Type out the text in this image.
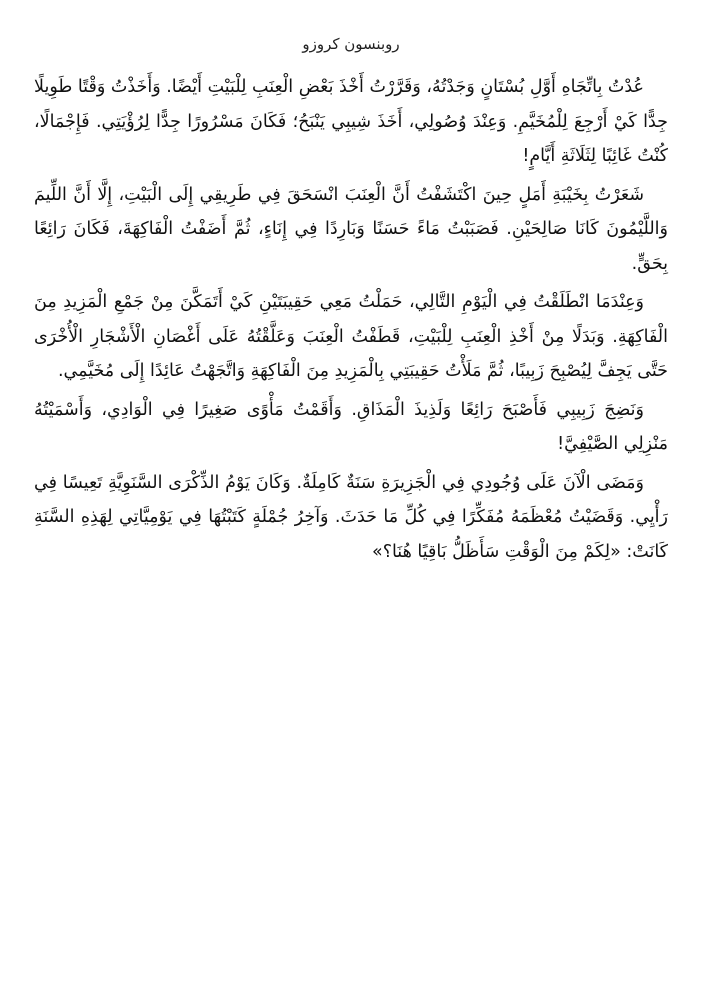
روبنسون كروزو

عُدْتُ بِاتِّجَاهِ أَوَّلِ بُسْتَانٍ وَجَدْتُهُ، وَقَرَّرْتُ أَخْذَ بَعْضِ الْعِنَبِ لِلْبَيْتِ أَيْضًا. وَأَخَذْتُ وَقْتًا طَوِيلًا جِدًّا كَيْ أَرْجِعَ لِلْمُخَيَّمِ. وَعِنْدَ وُصُولِي، أَخَذَ شِيبِي يَنْبَحُ؛ فَكَانَ مَسْرُورًا جِدًّا لِرُؤْيَتِي. فَإِجْمَالًا، كُنْتُ غَائِبًا لِثَلَاثَةِ أَيَّامٍ!

شَعَرْتُ بِخَيْبَةِ أَمَلٍ حِينَ اكْتَشَفْتُ أَنَّ الْعِنَبَ انْسَحَقَ فِي طَرِيقِي إِلَى الْبَيْتِ، إِلَّا أَنَّ اللِّيمَ وَاللَّيْمُونَ كَانَا صَالِحَيْنِ. فَصَبَبْتُ مَاءً حَسَنًا وَبَارِدًا فِي إِنَاءٍ، ثُمَّ أَضَفْتُ الْفَاكِهَةَ، فَكَانَ رَائِعًا بِحَقٍّ.

وَعِنْدَمَا انْطَلَقْتُ فِي الْيَوْمِ التَّالِي، حَمَلْتُ مَعِي حَقِيبَتَيْنِ كَيْ أَتَمَكَّنَ مِنْ جَمْعِ الْمَزِيدِ مِنَ الْفَاكِهَةِ. وَبَدَلًا مِنْ أَخْذِ الْعِنَبِ لِلْبَيْتِ، قَطَفْتُ الْعِنَبَ وَعَلَّقْتُهُ عَلَى أَغْصَانِ الْأَشْجَارِ الْأُخْرَى حَتَّى يَجِفَّ لِيُصْبِحَ زَبِيبًا، ثُمَّ مَلَأْتُ حَقِيبَتِي بِالْمَزِيدِ مِنَ الْفَاكِهَةِ وَاتَّجَهْتُ عَائِدًا إِلَى مُخَيَّمِي.

وَنَضِجَ زَبِيبِي فَأَصْبَحَ رَائِعًا وَلَذِيذَ الْمَذَاقِ. وَأَقَمْتُ مَأْوًى صَغِيرًا فِي الْوَادِي، وَأَسْمَيْتُهُ مَنْزِلِي الصَّيْفِيَّ!

وَمَضَى الْآنَ عَلَى وُجُودِي فِي الْجَزِيرَةِ سَنَةٌ كَامِلَةٌ. وَكَانَ يَوْمُ الذِّكْرَى السَّنَوِيَّةِ تَعِيسًا فِي رَأْيِي. وَقَضَيْتُ مُعْظَمَهُ مُفَكِّرًا فِي كُلِّ مَا حَدَثَ. وَآخِرُ جُمْلَةٍ كَتَبْتُهَا فِي يَوْمِيَّاتِي لِهَذِهِ السَّنَةِ كَانَتْ: «لِكَمْ مِنَ الْوَقْتِ سَأَظَلُّ بَاقِيًا هُنَا؟»
